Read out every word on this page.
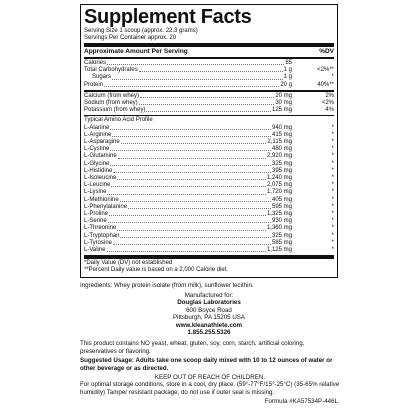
Supplement Facts
Serving Size 1 scoop (approx. 22.3 grams)
Servings Per Container approx. 20
Approximate Amount Per Serving	%DV
Calories	85
Total Carbohydrates	1 g	<2%**
Sugars	1 g	*
Protein	20 g	40%**
Calcium (from whey)	20 mg	2%
Sodium (from whey)	30 mg	<2%
Potassium (from whey)	125 mg	4%
Typical Amino Acid Profile
L-Alanine	940 mg	*
L-Arginine	415 mg	*
L-Asparagine	2,115 mg	*
L-Cystine	480 mg	*
L-Glutamine	2,920 mg	*
L-Glycine	325 mg	*
L-Histidine	395 mg	*
L-Isoleucine	1,240 mg	*
L-Leucine	2,075 mg	*
L-Lysine	1,720 mg	*
L-Methionine	405 mg	*
L-Phenylalanine	595 mg	*
L-Proline	1,325 mg	*
L-Serine	930 mg	*
L-Threonine	1,360 mg	*
L-Tryptophan	325 mg	*
L-Tyrosine	585 mg	*
L-Valine	1,125 mg	*
*Daily Value (DV) not established
**Percent Daily value is based on a 2,000 Calorie diet.
Ingredients: Whey protein isolate (from milk), sunflower lecithin.
Manufactured for:
Douglas Laboratories
600 Boyce Road
Pittsburgh, PA 15205 USA
www.kleanathlete.com
1.855.255.5326
This product contains NO yeast, wheat, gluten, soy, corn, starch, artificial coloring, preservatives or flavoring.
Suggested Usage: Adults take one scoop daily mixed with 10 to 12 ounces of water or other beverage or as directed.
KEEP OUT OF REACH OF CHILDREN.
For optimal storage conditions, store in a cool, dry place. (59°-77°F/15°-25°C) (35-65% relative humidity) Tamper resistant package, do not use if outer seal is missing.
Formula #KA57534P-446L
